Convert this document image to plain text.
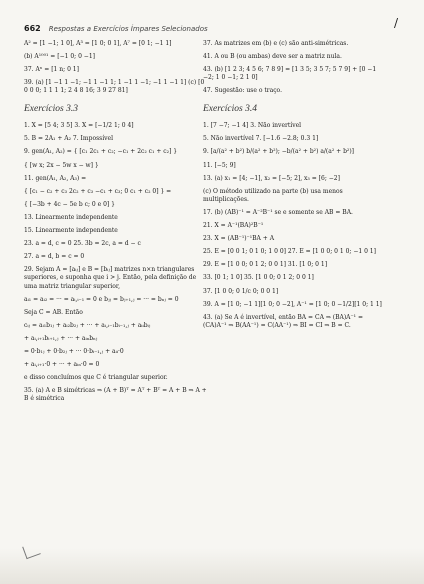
662 Respostas a Exercícios Ímpares Selecionados	/
A² = [1 −1; 1 0], A³ = [1 0; 0 1], A⁷ = [0 1; −1 1]
(b) A¹⁰⁰¹ = [−1 0; 0 −1]
37. Aⁿ = [1 n; 0 1]
39. (a) [1 −1 1 −1; −1 1 −1 1; 1 −1 1 −1; −1 1 −1 1] (c) [0 0 0 0; 1 1 1 1; 2 4 8 16; 3 9 27 81]
Exercícios 3.3
1. X = [5 4; 3 5] 3. X = [−1/2 1; 0 4]
5. B = 2A₁ + A₂ 7. Impossível
9. gen(A₁, A₂) = { [c₁ 2c₁ + c₂; −c₁ + 2c₂ c₁ + c₂] }
{ [w x; 2x − 5w x − w] }
11. gen(A₁, A₂, A₃) =
{ [c₁ − c₂ + c₃ 2c₂ + c₃ −c₁ + c₃; 0 c₁ + c₂ 0] } =
{ [−3b + 4c − 5e b c; 0 e 0] }
13. Linearmente independente
15. Linearmente independente
23. a = d, c = 0 25. 3b = 2c, a = d − c
27. a = d, b = c = 0
29. Sejam A = [aᵢⱼ] e B = [bᵢⱼ] matrizes n×n triangulares superiores, e suponha que i > j. Então, pela definição de uma matriz triangular superior,
aᵢ₁ = aᵢ₂ = ··· = aᵢ,ᵢ₋₁ = 0 e bⱼⱼ = bⱼ₊₁,ⱼ = ··· = bₙⱼ = 0
Seja C = AB. Então
cᵢⱼ = aᵢ₁b₁ⱼ + aᵢ₂b₂ⱼ + ··· + aᵢ,ᵢ₋₁bᵢ₋₁,ⱼ + aᵢᵢbᵢⱼ
+ aᵢ,ᵢ₊₁bᵢ₊₁,ⱼ + ··· + aᵢₙbₙⱼ
= 0·b₁ⱼ + 0·b₂ⱼ + ··· 0·bᵢ₋₁,ⱼ + aᵢᵢ·0
+ aᵢ,ᵢ₊₁·0 + ··· + aᵢₙ·0 = 0
e disso concluímos que C é triangular superior.
35. (a) A e B simétricas ⇒ (A + B)ᵀ = Aᵀ + Bᵀ = A + B ⇒ A + B é simétrica
37. As matrizes em (b) e (c) são anti-simétricas.
41. A ou B (ou ambas) deve ser a matriz nula.
43. (b) [1 2 3; 4 5 6; 7 8 9] = [1 3 5; 3 5 7; 5 7 9] + [0 −1 −2; 1 0 −1; 2 1 0]
47. Sugestão: use o traço.
Exercícios 3.4
1. [7 −7; −1 4] 3. Não invertível
5. Não invertível 7. [−1.6 −2.8; 0.3 1]
9. [a/(a² + b²) b/(a² + b²); −b/(a² + b²) a/(a² + b²)]
11. [−5; 9]
13. (a) x₁ = [4; −1], x₂ = [−5; 2], x₃ = [6; −2]
(c) O método utilizado na parte (b) usa menos multiplicações.
17. (b) (AB)⁻¹ = A⁻²B⁻¹ se e somente se AB = BA.
21. X = A⁻¹(BA)²B⁻¹
23. X = (AB⁻¹)⁻¹BA + A
25. E = [0 0 1; 0 1 0; 1 0 0] 27. E = [1 0 0; 0 1 0; −1 0 1]
29. E = [1 0 0; 0 1 2; 0 0 1] 31. [1 0; 0 1]
33. [0 1; 1 0] 35. [1 0 0; 0 1 2; 0 0 1]
37. [1 0 0; 0 1/c 0; 0 0 1]
39. A = [1 0; −1 1][1 0; 0 −2], A⁻¹ = [1 0; 0 −1/2][1 0; 1 1]
43. (a) Se A é invertível, então BA = CA ⇒ (BA)A⁻¹ = (CA)A⁻¹ ⇒ B(AA⁻¹) = C(AA⁻¹) ⇒ BI = CI ⇒ B = C.
